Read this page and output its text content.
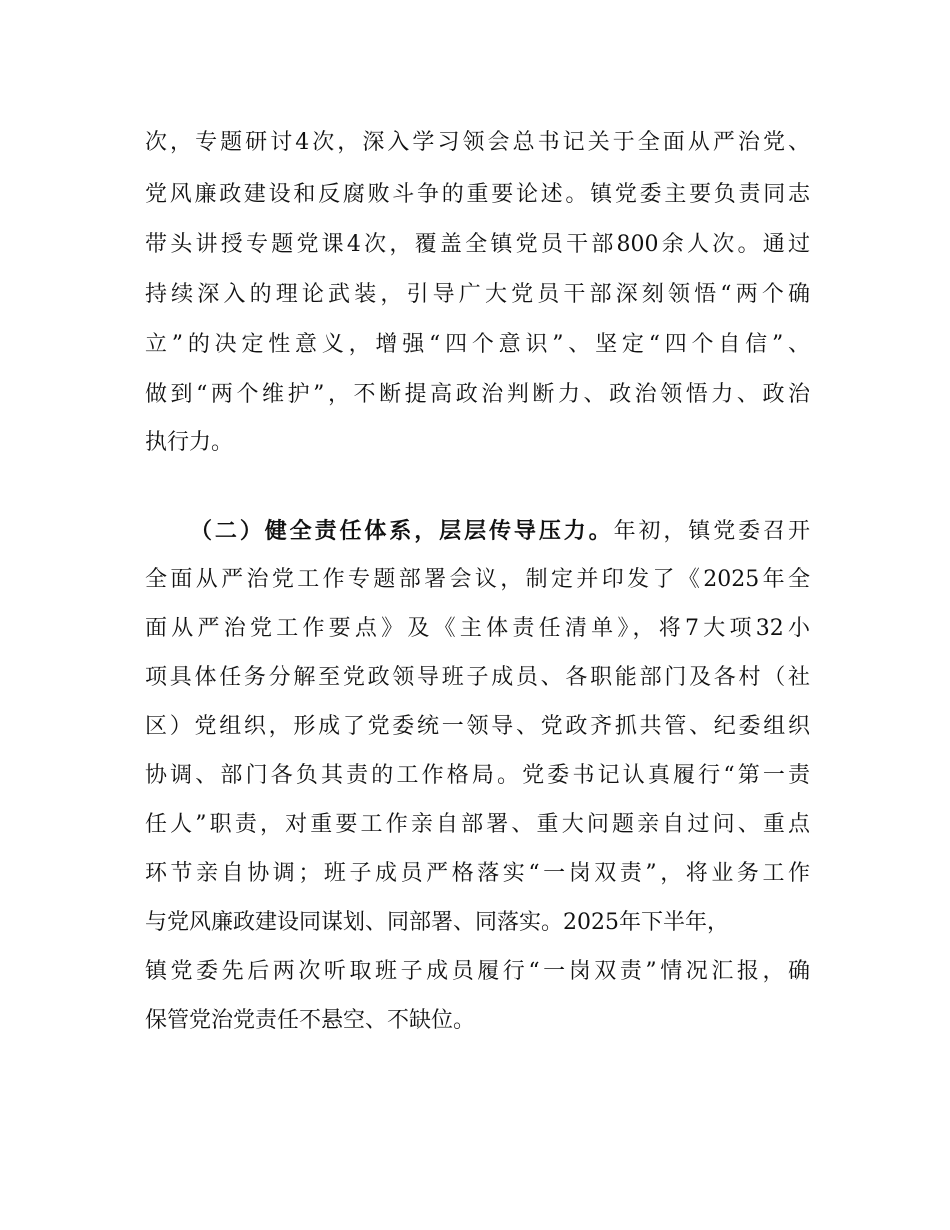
次，专题研讨4次，深入学习领会总书记关于全面从严治党、
党风廉政建设和反腐败斗争的重要论述。镇党委主要负责同志
带头讲授专题党课4次，覆盖全镇党员干部800余人次。通过
持续深入的理论武装，引导广大党员干部深刻领悟“两个确
立”的决定性意义，增强“四个意识”、坚定“四个自信”、
做到“两个维护”，不断提高政治判断力、政治领悟力、政治
执行力。
（二）健全责任体系，层层传导压力。年初，镇党委召开
全面从严治党工作专题部署会议，制定并印发了《2025年全
面从严治党工作要点》及《主体责任清单》，将7大项32小
项具体任务分解至党政领导班子成员、各职能部门及各村（社
区）党组织，形成了党委统一领导、党政齐抓共管、纪委组织
协调、部门各负其责的工作格局。党委书记认真履行“第一责
任人”职责，对重要工作亲自部署、重大问题亲自过问、重点
环节亲自协调；班子成员严格落实“一岗双责”，将业务工作
与党风廉政建设同谋划、同部署、同落实。2025年下半年，
镇党委先后两次听取班子成员履行“一岗双责”情况汇报，确
保管党治党责任不悬空、不缺位。
